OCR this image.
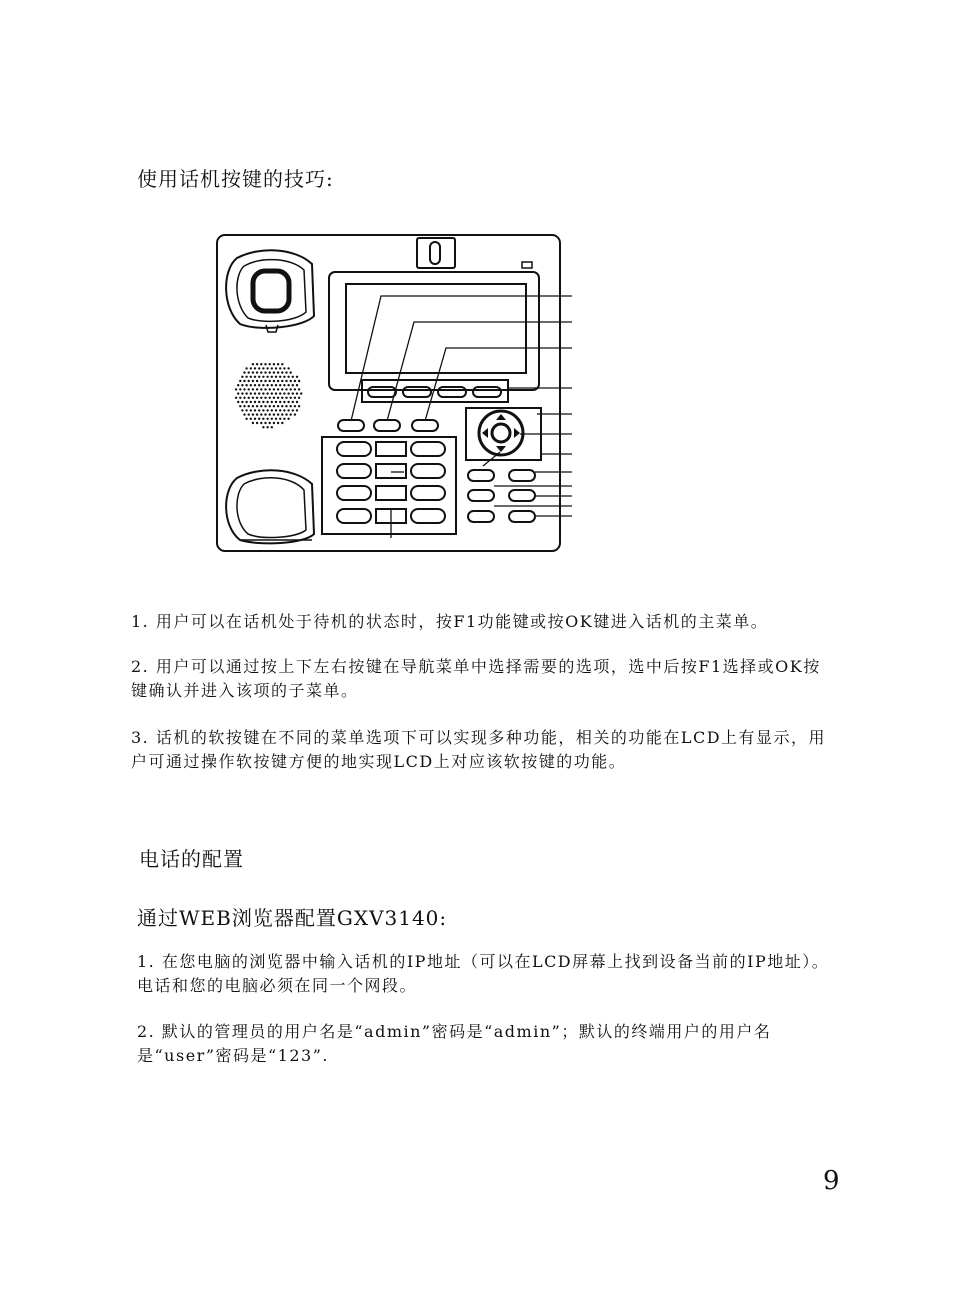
使用话机按键的技巧:
1. 用户可以在话机处于待机的状态时，按F1功能键或按OK键进入话机的主菜单。
2. 用户可以通过按上下左右按键在导航菜单中选择需要的选项，选中后按F1选择或OK按键确认并进入该项的子菜单。
3. 话机的软按键在不同的菜单选项下可以实现多种功能，相关的功能在LCD上有显示，用户可通过操作软按键方便的地实现LCD上对应该软按键的功能。
电话的配置
通过WEB浏览器配置GXV3140:
1. 在您电脑的浏览器中输入话机的IP地址（可以在LCD屏幕上找到设备当前的IP地址）。电话和您的电脑必须在同一个网段。
2. 默认的管理员的用户名是“admin”密码是“admin”；默认的终端用户的用户名是“user”密码是“123”.
9
